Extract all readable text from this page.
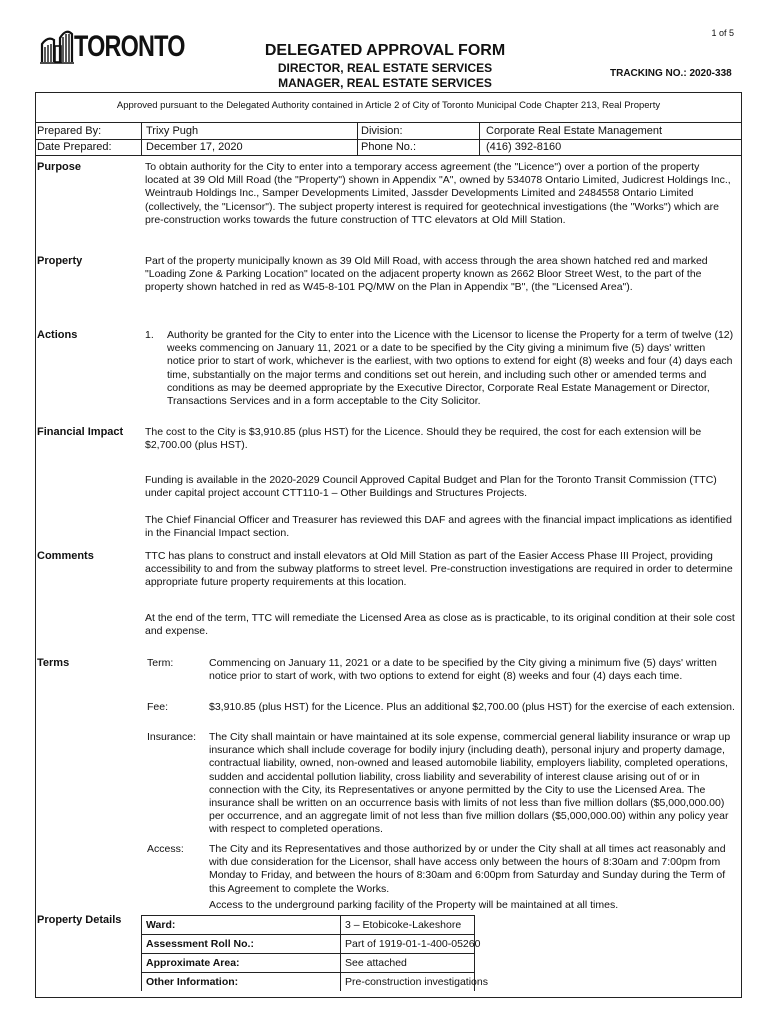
1 of 5
TORONTO	DELEGATED APPROVAL FORM
DIRECTOR, REAL ESTATE SERVICES
MANAGER, REAL ESTATE SERVICES
TRACKING NO.: 2020-338
Approved pursuant to the Delegated Authority contained in Article 2 of City of Toronto Municipal Code Chapter 213, Real Property
Prepared By:	Trixy Pugh	Division:	Corporate Real Estate Management
Date Prepared:	December 17, 2020	Phone No.:	(416) 392-8160
Purpose	To obtain authority for the City to enter into a temporary access agreement (the "Licence") over a portion of the property located at 39 Old Mill Road (the "Property") shown in Appendix "A", owned by 534078 Ontario Limited, Judicrest Holdings Inc., Weintraub Holdings Inc., Samper Developments Limited, Jassder Developments Limited and 2484558 Ontario Limited (collectively, the "Licensor"). The subject property interest is required for geotechnical investigations (the "Works") which are pre-construction works towards the future construction of TTC elevators at Old Mill Station.
Property	Part of the property municipally known as 39 Old Mill Road, with access through the area shown hatched red and marked "Loading Zone & Parking Location" located on the adjacent property known as 2662 Bloor Street West, to the part of the property shown hatched in red as W45-8-101 PQ/MW on the Plan in Appendix "B", (the "Licensed Area").
Actions	1. Authority be granted for the City to enter into the Licence with the Licensor to license the Property for a term of twelve (12) weeks commencing on January 11, 2021 or a date to be specified by the City giving a minimum five (5) days' written notice prior to start of work, whichever is the earliest, with two options to extend for eight (8) weeks and four (4) days each time, substantially on the major terms and conditions set out herein, and including such other or amended terms and conditions as may be deemed appropriate by the Executive Director, Corporate Real Estate Management or Director, Transactions Services and in a form acceptable to the City Solicitor.
Financial Impact The cost to the City is $3,910.85 (plus HST) for the Licence. Should they be required, the cost for each extension will be $2,700.00 (plus HST).
Funding is available in the 2020-2029 Council Approved Capital Budget and Plan for the Toronto Transit Commission (TTC) under capital project account CTT110-1 – Other Buildings and Structures Projects.
The Chief Financial Officer and Treasurer has reviewed this DAF and agrees with the financial impact implications as identified in the Financial Impact section.
Comments	TTC has plans to construct and install elevators at Old Mill Station as part of the Easier Access Phase III Project, providing accessibility to and from the subway platforms to street level. Pre-construction investigations are required in order to determine appropriate future property requirements at this location.
At the end of the term, TTC will remediate the Licensed Area as close as is practicable, to its original condition at their sole cost and expense.
Terms	Term:	Commencing on January 11, 2021 or a date to be specified by the City giving a minimum five (5) days' written notice prior to start of work, with two options to extend for eight (8) weeks and four (4) days each time.
Fee:	$3,910.85 (plus HST) for the Licence. Plus an additional $2,700.00 (plus HST) for the exercise of each extension.
Insurance: The City shall maintain or have maintained at its sole expense, commercial general liability insurance or wrap up insurance which shall include coverage for bodily injury (including death), personal injury and property damage, contractual liability, owned, non-owned and leased automobile liability, employers liability, completed operations, sudden and accidental pollution liability, cross liability and severability of interest clause arising out of or in connection with the City, its Representatives or anyone permitted by the City to use the Licensed Area. The insurance shall be written on an occurrence basis with limits of not less than five million dollars ($5,000,000.00) per occurrence, and an aggregate limit of not less than five million dollars ($5,000,000.00) within any policy year with respect to completed operations.
Access: The City and its Representatives and those authorized by or under the City shall at all times act reasonably and with due consideration for the Licensor, shall have access only between the hours of 8:30am and 7:00pm from Monday to Friday, and between the hours of 8:30am and 6:00pm from Saturday and Sunday during the Term of this Agreement to complete the Works.
Access to the underground parking facility of the Property will be maintained at all times.
Property Details Ward:	3 – Etobicoke-Lakeshore
Assessment Roll No.:	Part of 1919-01-1-400-05260
Approximate Area:	See attached
Other Information:	Pre-construction investigations
